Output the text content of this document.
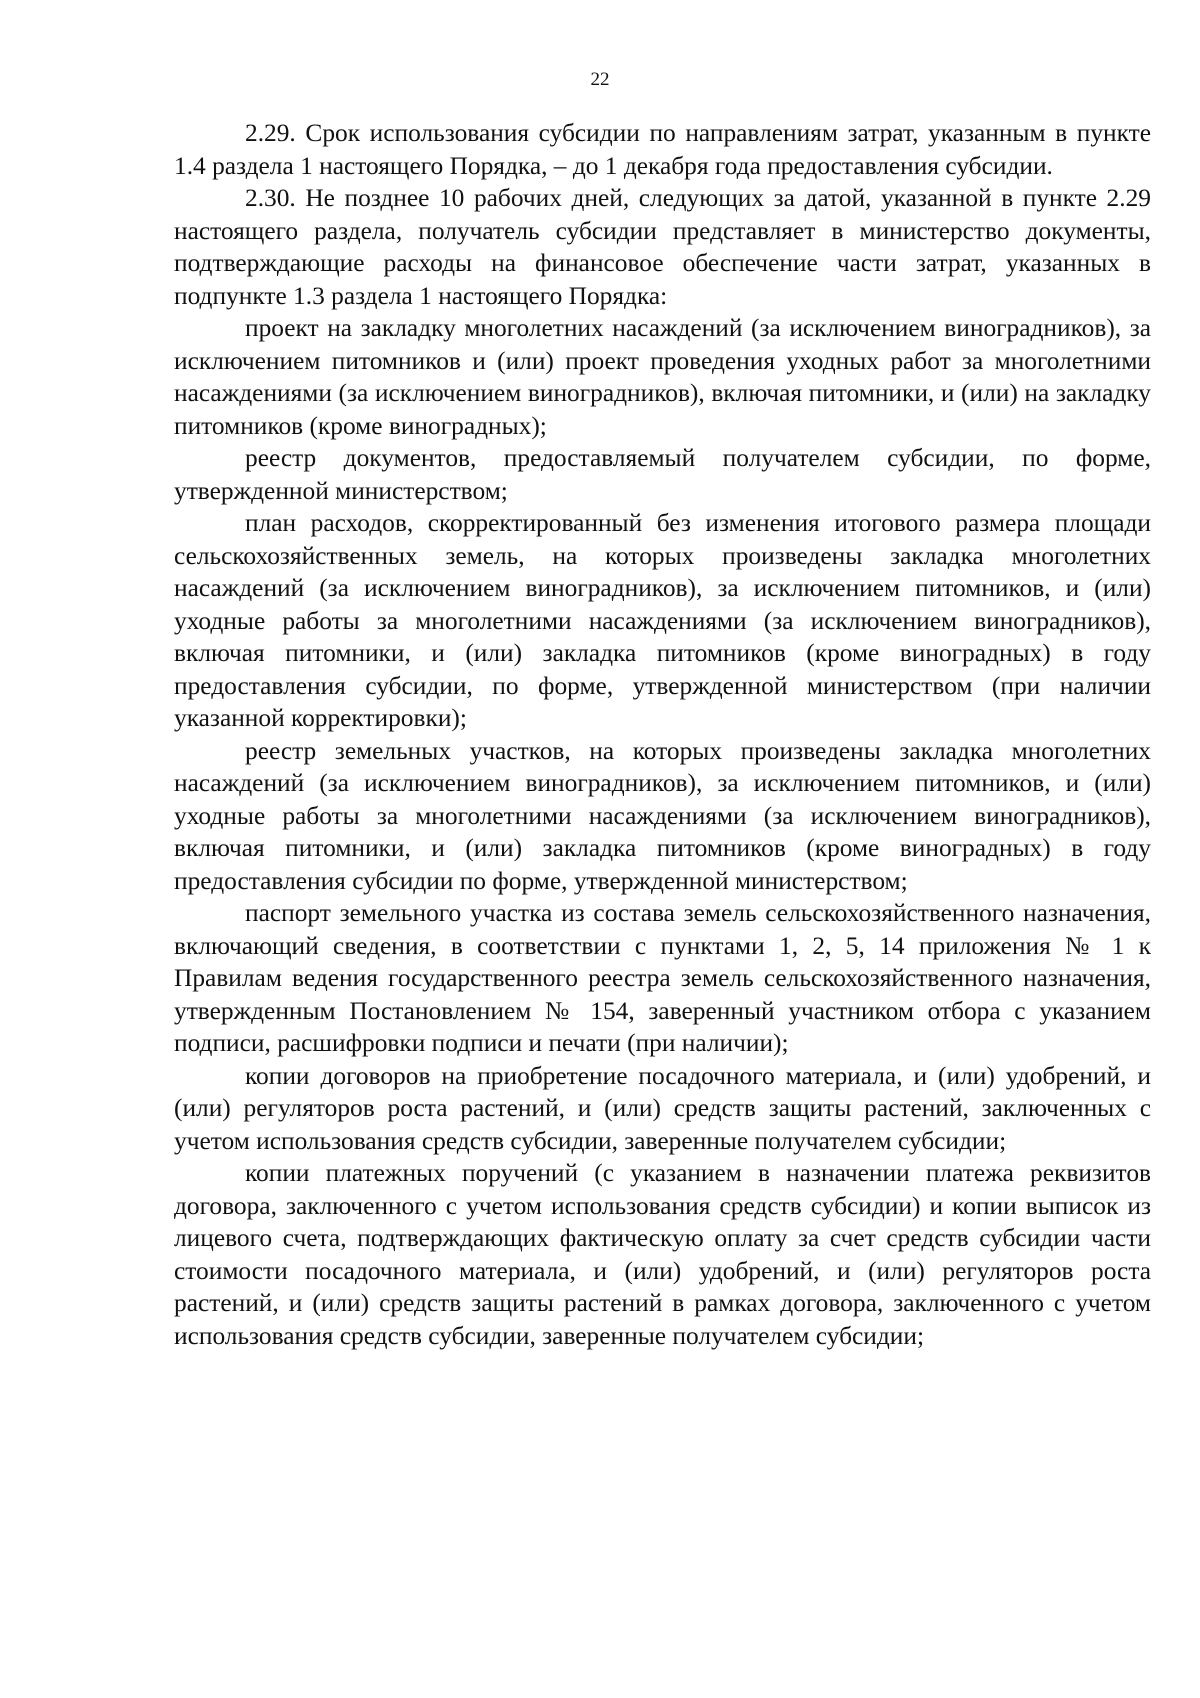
22

2.29. Срок использования субсидии по направлениям затрат, указанным в пункте 1.4 раздела 1 настоящего Порядка, – до 1 декабря года предоставления субсидии.

2.30. Не позднее 10 рабочих дней, следующих за датой, указанной в пункте 2.29 настоящего раздела, получатель субсидии представляет в министерство документы, подтверждающие расходы на финансовое обеспечение части затрат, указанных в подпункте 1.3 раздела 1 настоящего Порядка:

проект на закладку многолетних насаждений (за исключением виноградников), за исключением питомников и (или) проект проведения уходных работ за многолетними насаждениями (за исключением виноградников), включая питомники, и (или) на закладку питомников (кроме виноградных);

реестр документов, предоставляемый получателем субсидии, по форме, утвержденной министерством;

план расходов, скорректированный без изменения итогового размера площади сельскохозяйственных земель, на которых произведены закладка многолетних насаждений (за исключением виноградников), за исключением питомников, и (или) уходные работы за многолетними насаждениями (за исключением виноградников), включая питомники, и (или) закладка питомников (кроме виноградных) в году предоставления субсидии, по форме, утвержденной министерством (при наличии указанной корректировки);

реестр земельных участков, на которых произведены закладка многолетних насаждений (за исключением виноградников), за исключением питомников, и (или) уходные работы за многолетними насаждениями (за исключением виноградников), включая питомники, и (или) закладка питомников (кроме виноградных) в году предоставления субсидии по форме, утвержденной министерством;

паспорт земельного участка из состава земель сельскохозяйственного назначения, включающий сведения, в соответствии с пунктами 1, 2, 5, 14 приложения № 1 к Правилам ведения государственного реестра земель сельскохозяйственного назначения, утвержденным Постановлением № 154, заверенный участником отбора с указанием подписи, расшифровки подписи и печати (при наличии);

копии договоров на приобретение посадочного материала, и (или) удобрений, и (или) регуляторов роста растений, и (или) средств защиты растений, заключенных с учетом использования средств субсидии, заверенные получателем субсидии;

копии платежных поручений (с указанием в назначении платежа реквизитов договора, заключенного с учетом использования средств субсидии) и копии выписок из лицевого счета, подтверждающих фактическую оплату за счет средств субсидии части стоимости посадочного материала, и (или) удобрений, и (или) регуляторов роста растений, и (или) средств защиты растений в рамках договора, заключенного с учетом использования средств субсидии, заверенные получателем субсидии;
